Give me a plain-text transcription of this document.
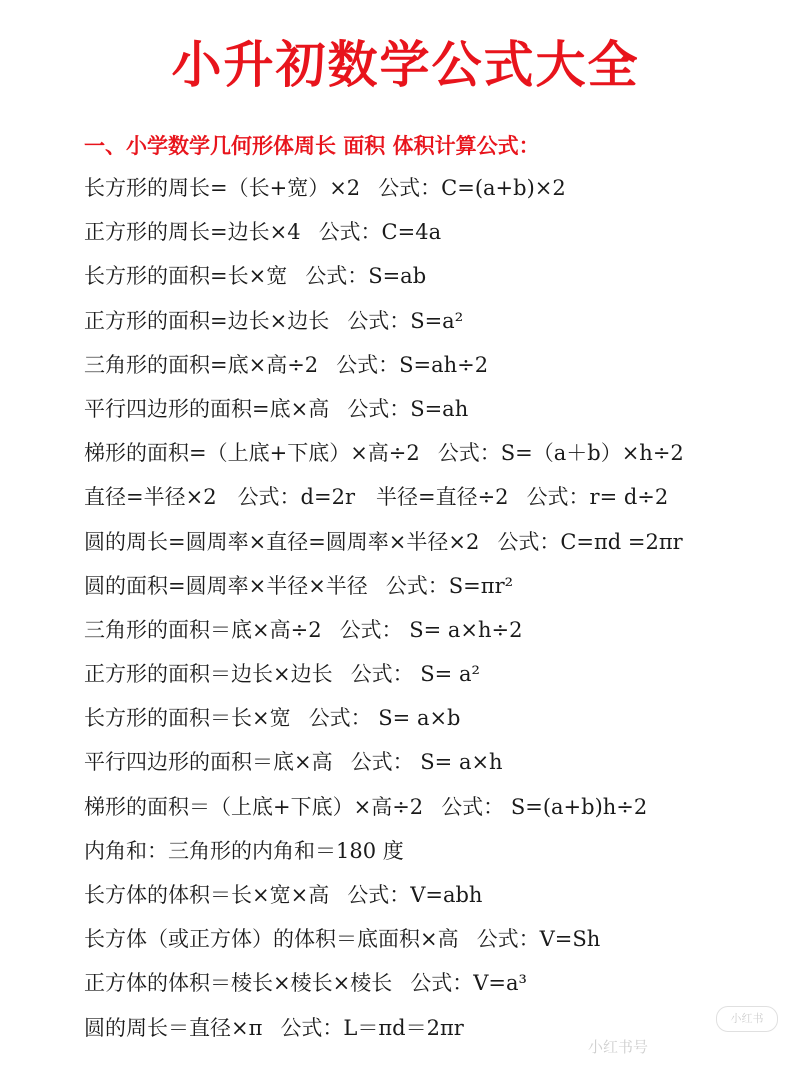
小升初数学公式大全
一、小学数学几何形体周长 面积 体积计算公式：
长方形的周长=（长+宽）×2 公式：C=(a+b)×2
正方形的周长=边长×4 公式：C=4a
长方形的面积=长×宽 公式：S=ab
正方形的面积=边长×边长 公式：S=a²
三角形的面积=底×高÷2 公式：S=ah÷2
平行四边形的面积=底×高 公式：S=ah
梯形的面积=（上底+下底）×高÷2 公式：S=（a＋b）×h÷2
直径=半径×2　公式：d=2r　半径=直径÷2 公式：r= d÷2
圆的周长=圆周率×直径=圆周率×半径×2 公式：C=πd =2πr
圆的面积=圆周率×半径×半径 公式：S=πr²
三角形的面积＝底×高÷2 公式： S= a×h÷2
正方形的面积＝边长×边长 公式： S= a²
长方形的面积＝长×宽 公式： S= a×b
平行四边形的面积＝底×高 公式： S= a×h
梯形的面积＝（上底+下底）×高÷2 公式： S=(a+b)h÷2
内角和：三角形的内角和＝180 度
长方体的体积＝长×宽×高 公式：V=abh
长方体（或正方体）的体积＝底面积×高 公式：V=Sh
正方体的体积＝棱长×棱长×棱长 公式：V=a³
圆的周长＝直径×π 公式：L＝πd＝2πr	小红书
小红书号
